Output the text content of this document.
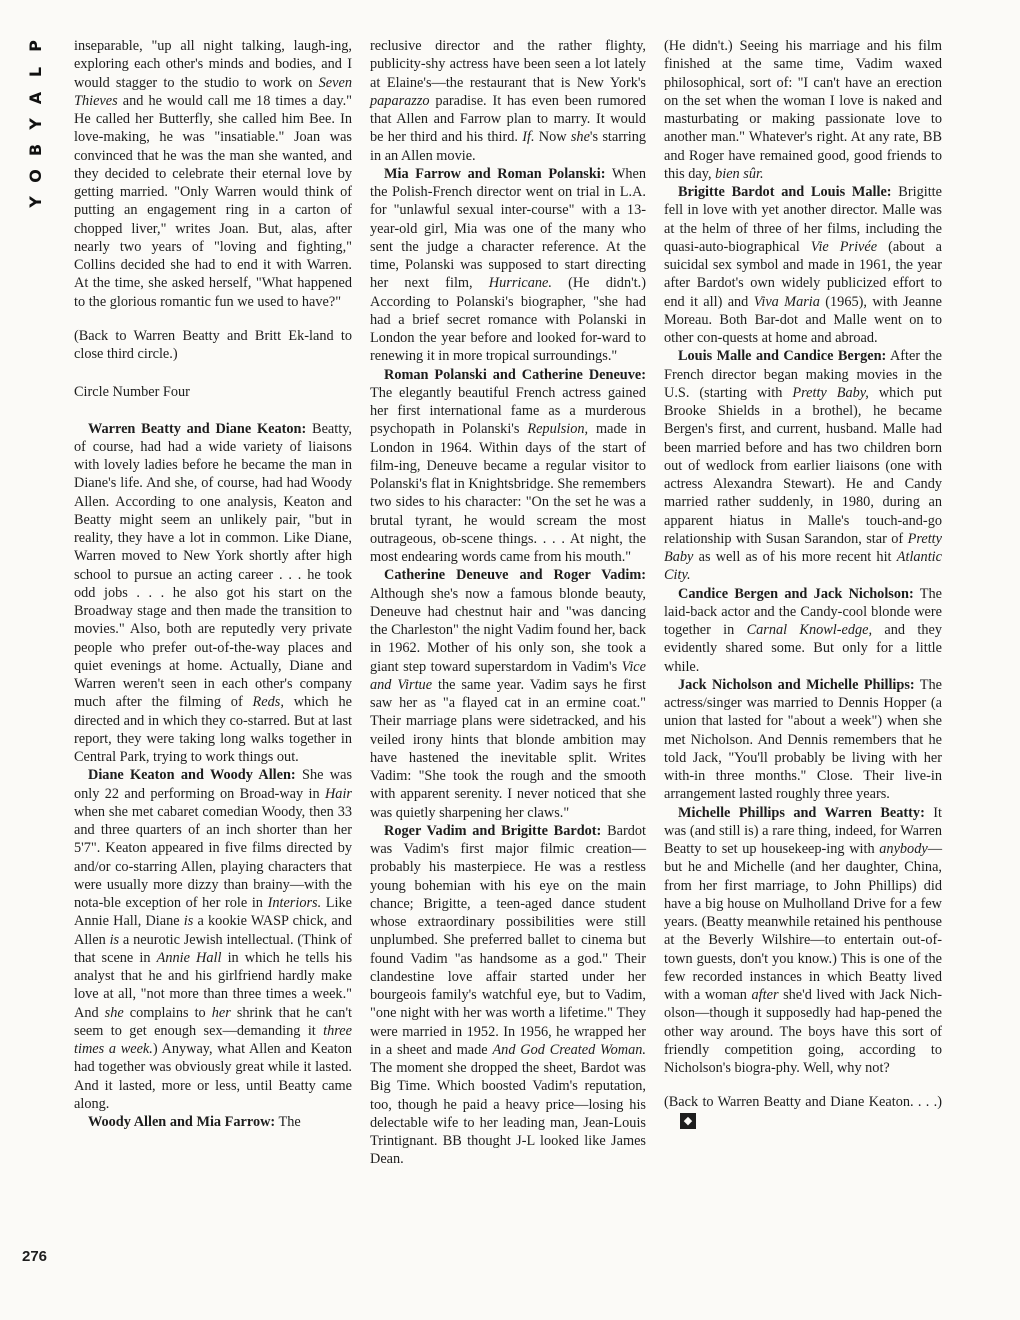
P
L
A
Y
B
O
Y
276

inseparable, "up all night talking, laugh-ing, exploring each other's minds and bodies, and I would stagger to the studio to work on Seven Thieves and he would call me 18 times a day." He called her Butterfly, she called him Bee. In love-making, he was "insatiable." Joan was convinced that he was the man she wanted, and they decided to celebrate their eternal love by getting married. "Only Warren would think of putting an engagement ring in a carton of chopped liver," writes Joan. But, alas, after nearly two years of "loving and fighting," Collins decided she had to end it with Warren. At the time, she asked herself, "What happened to the glorious romantic fun we used to have?"

(Back to Warren Beatty and Britt Ek-land to close third circle.)

Circle Number Four

Warren Beatty and Diane Keaton: Beatty, of course, had had a wide variety of liaisons with lovely ladies before he became the man in Diane's life. And she, of course, had had Woody Allen. According to one analysis, Keaton and Beatty might seem an unlikely pair, "but in reality, they have a lot in common. Like Diane, Warren moved to New York shortly after high school to pursue an acting career . . . he took odd jobs . . . he also got his start on the Broadway stage and then made the transition to movies." Also, both are reputedly very private people who prefer out-of-the-way places and quiet evenings at home. Actually, Diane and Warren weren't seen in each other's company much after the filming of Reds, which he directed and in which they co-starred. But at last report, they were taking long walks together in Central Park, trying to work things out.

Diane Keaton and Woody Allen: She was only 22 and performing on Broad-way in Hair when she met cabaret comedian Woody, then 33 and three quarters of an inch shorter than her 5'7". Keaton appeared in five films directed by and/or co-starring Allen, playing characters that were usually more dizzy than brainy—with the nota-ble exception of her role in Interiors. Like Annie Hall, Diane is a kookie WASP chick, and Allen is a neurotic Jewish intellectual. (Think of that scene in Annie Hall in which he tells his analyst that he and his girlfriend hardly make love at all, "not more than three times a week." And she complains to her shrink that he can't seem to get enough sex—demanding it three times a week.) Anyway, what Allen and Keaton had together was obviously great while it lasted. And it lasted, more or less, until Beatty came along.

Woody Allen and Mia Farrow: The

reclusive director and the rather flighty, publicity-shy actress have been seen a lot lately at Elaine's—the restaurant that is New York's paparazzo paradise. It has even been rumored that Allen and Farrow plan to marry. It would be her third and his third. If. Now she's starring in an Allen movie.

Mia Farrow and Roman Polanski: When the Polish-French director went on trial in L.A. for "unlawful sexual inter-course" with a 13-year-old girl, Mia was one of the many who sent the judge a character reference. At the time, Polanski was supposed to start directing her next film, Hurricane. (He didn't.) According to Polanski's biographer, "she had had a brief secret romance with Polanski in London the year before and looked for-ward to renewing it in more tropical surroundings."

Roman Polanski and Catherine Deneuve: The elegantly beautiful French actress gained her first international fame as a murderous psychopath in Polanski's Repulsion, made in London in 1964. Within days of the start of film-ing, Deneuve became a regular visitor to Polanski's flat in Knightsbridge. She remembers two sides to his character: "On the set he was a brutal tyrant, he would scream the most outrageous, ob-scene things. . . . At night, the most endearing words came from his mouth."

Catherine Deneuve and Roger Vadim: Although she's now a famous blonde beauty, Deneuve had chestnut hair and "was dancing the Charleston" the night Vadim found her, back in 1962. Mother of his only son, she took a giant step toward superstardom in Vadim's Vice and Virtue the same year. Vadim says he first saw her as "a flayed cat in an ermine coat." Their marriage plans were sidetracked, and his veiled irony hints that blonde ambition may have hastened the inevitable split. Writes Vadim: "She took the rough and the smooth with apparent serenity. I never noticed that she was quietly sharpening her claws."

Roger Vadim and Brigitte Bardot: Bardot was Vadim's first major filmic creation—probably his masterpiece. He was a restless young bohemian with his eye on the main chance; Brigitte, a teen-aged dance student whose extraordinary possibilities were still unplumbed. She preferred ballet to cinema but found Vadim "as handsome as a god." Their clandestine love affair started under her bourgeois family's watchful eye, but to Vadim, "one night with her was worth a lifetime." They were married in 1952. In 1956, he wrapped her in a sheet and made And God Created Woman. The moment she dropped the sheet, Bardot was Big Time. Which boosted Vadim's reputation, too, though he paid a heavy price—losing his delectable wife to her leading man, Jean-Louis Trintignant. BB thought J-L looked like James Dean.

(He didn't.) Seeing his marriage and his film finished at the same time, Vadim waxed philosophical, sort of: "I can't have an erection on the set when the woman I love is naked and masturbating or making passionate love to another man." Whatever's right. At any rate, BB and Roger have remained good, good friends to this day, bien sûr.

Brigitte Bardot and Louis Malle: Brigitte fell in love with yet another director. Malle was at the helm of three of her films, including the quasi-auto-biographical Vie Privée (about a suicidal sex symbol and made in 1961, the year after Bardot's own widely publicized effort to end it all) and Viva Maria (1965), with Jeanne Moreau. Both Bar-dot and Malle went on to other con-quests at home and abroad.

Louis Malle and Candice Bergen: After the French director began making movies in the U.S. (starting with Pretty Baby, which put Brooke Shields in a brothel), he became Bergen's first, and current, husband. Malle had been married before and has two children born out of wedlock from earlier liaisons (one with actress Alexandra Stewart). He and Candy married rather suddenly, in 1980, during an apparent hiatus in Malle's touch-and-go relationship with Susan Sarandon, star of Pretty Baby as well as of his more recent hit Atlantic City.

Candice Bergen and Jack Nicholson: The laid-back actor and the Candy-cool blonde were together in Carnal Knowl-edge, and they evidently shared some. But only for a little while.

Jack Nicholson and Michelle Phillips: The actress/singer was married to Dennis Hopper (a union that lasted for "about a week") when she met Nicholson. And Dennis remembers that he told Jack, "You'll probably be living with her with-in three months." Close. Their live-in arrangement lasted roughly three years.

Michelle Phillips and Warren Beatty: It was (and still is) a rare thing, indeed, for Warren Beatty to set up housekeep-ing with anybody—but he and Michelle (and her daughter, China, from her first marriage, to John Phillips) did have a big house on Mulholland Drive for a few years. (Beatty meanwhile retained his penthouse at the Beverly Wilshire—to entertain out-of-town guests, don't you know.) This is one of the few recorded instances in which Beatty lived with a woman after she'd lived with Jack Nich-olson—though it supposedly had hap-pened the other way around. The boys have this sort of friendly competition going, according to Nicholson's biogra-phy. Well, why not?

(Back to Warren Beatty and Diane Keaton. . . .)◆
